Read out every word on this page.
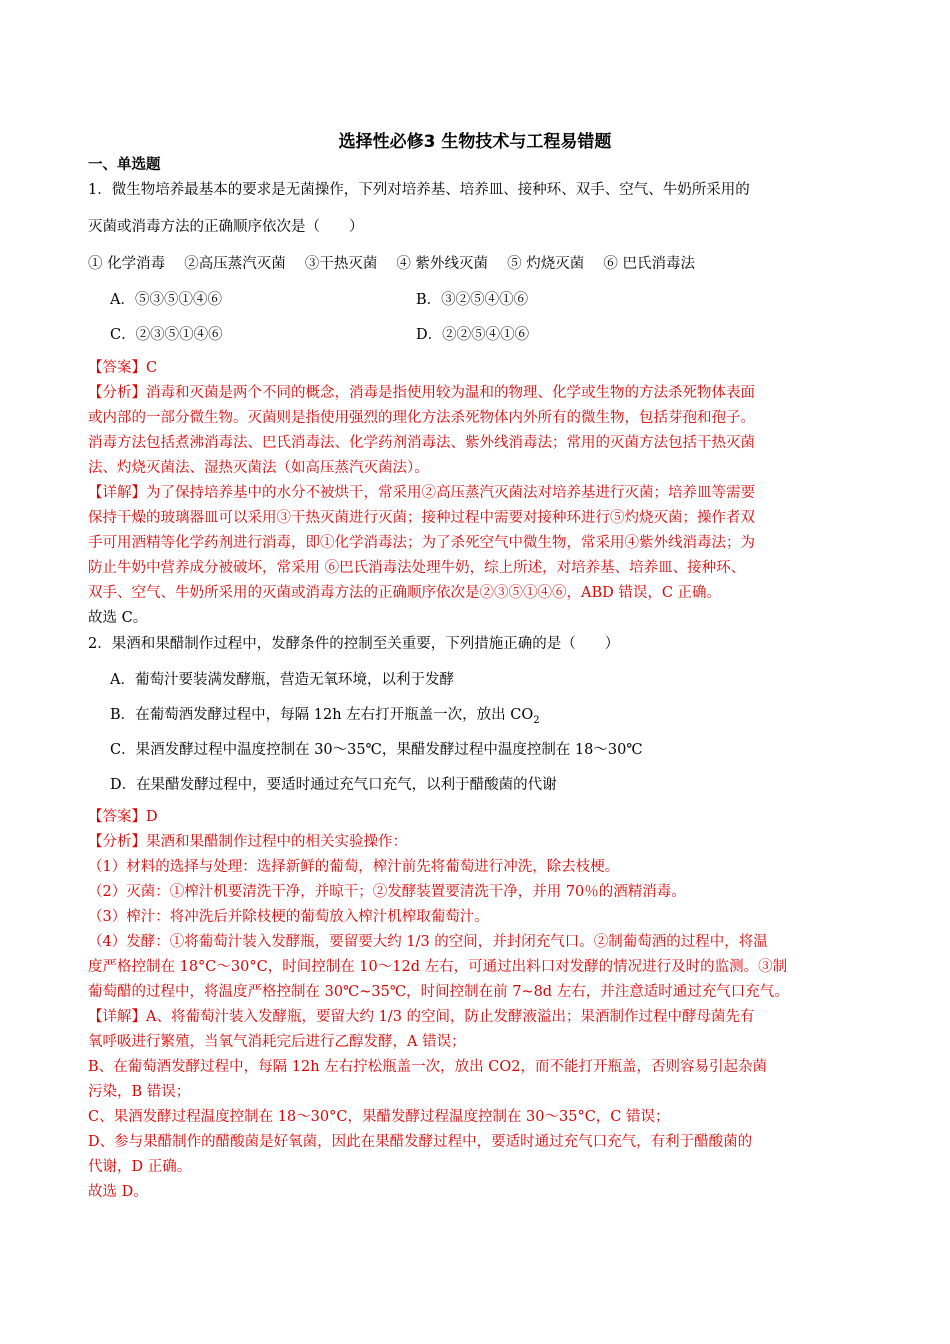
选择性必修3 生物技术与工程易错题
一、单选题
1．微生物培养最基本的要求是无菌操作，下列对培养基、培养皿、接种环、双手、空气、牛奶所采用的
灭菌或消毒方法的正确顺序依次是（　　）
① 化学消毒　 ②高压蒸汽灭菌　 ③干热灭菌　 ④ 紫外线灭菌　 ⑤ 灼烧灭菌　 ⑥ 巴氏消毒法
A．⑤③⑤①④⑥	B．③②⑤④①⑥
C．②③⑤①④⑥	D．②②⑤④①⑥

【答案】C

【分析】消毒和灭菌是两个不同的概念，消毒是指使用较为温和的物理、化学或生物的方法杀死物体表面

或内部的一部分微生物。灭菌则是指使用强烈的理化方法杀死物体内外所有的微生物，包括芽孢和孢子。

消毒方法包括煮沸消毒法、巴氏消毒法、化学药剂消毒法、紫外线消毒法；常用的灭菌方法包括干热灭菌

法、灼烧灭菌法、湿热灭菌法（如高压蒸汽灭菌法）。

【详解】为了保持培养基中的水分不被烘干，常采用②高压蒸汽灭菌法对培养基进行灭菌；培养皿等需要

保持干燥的玻璃器皿可以采用③干热灭菌进行灭菌；接种过程中需要对接种环进行⑤灼烧灭菌；操作者双

手可用酒精等化学药剂进行消毒，即①化学消毒法；为了杀死空气中微生物，常采用④紫外线消毒法；为

防止牛奶中营养成分被破坏，常采用 ⑥巴氏消毒法处理牛奶，综上所述，对培养基、培养皿、接种环、

双手、空气、牛奶所采用的灭菌或消毒方法的正确顺序依次是②③⑤①④⑥，ABD 错误，C 正确。

故选 C。

2．果酒和果醋制作过程中，发酵条件的控制至关重要，下列措施正确的是（　　）
A．葡萄汁要装满发酵瓶，营造无氧环境，以利于发酵
B．在葡萄酒发酵过程中，每隔 12h 左右打开瓶盖一次，放出 $CO_2$
C．果酒发酵过程中温度控制在 30～35℃，果醋发酵过程中温度控制在 18～30℃
D．在果醋发酵过程中，要适时通过充气口充气，以利于醋酸菌的代谢

【答案】D

【分析】果酒和果醋制作过程中的相关实验操作：

（1）材料的选择与处理：选择新鲜的葡萄，榨汁前先将葡萄进行冲洗，除去枝梗。

（2）灭菌：①榨汁机要清洗干净，并晾干；②发酵装置要清洗干净，并用 70％的酒精消毒。

（3）榨汁：将冲洗后并除枝梗的葡萄放入榨汁机榨取葡萄汁。

（4）发酵：①将葡萄汁装入发酵瓶，要留要大约 1/3 的空间，并封闭充气口。②制葡萄酒的过程中，将温

度严格控制在 18°C～30°C，时间控制在 10～12d 左右，可通过出料口对发酵的情况进行及时的监测。③制

葡萄醋的过程中，将温度严格控制在 30℃~35℃，时间控制在前 7~8d 左右，并注意适时通过充气口充气。

【详解】A、将葡萄汁装入发酵瓶，要留大约 1/3 的空间，防止发酵液溢出；果酒制作过程中酵母菌先有

氧呼吸进行繁殖，当氧气消耗完后进行乙醇发酵，A 错误；

B、在葡萄酒发酵过程中，每隔 12h 左右拧松瓶盖一次，放出 CO2，而不能打开瓶盖，否则容易引起杂菌

污染，B 错误；

C、果酒发酵过程温度控制在 18～30°C，果醋发酵过程温度控制在 30～35°C，C 错误；

D、参与果醋制作的醋酸菌是好氧菌，因此在果醋发酵过程中，要适时通过充气口充气，有利于醋酸菌的

代谢，D 正确。

故选 D。
